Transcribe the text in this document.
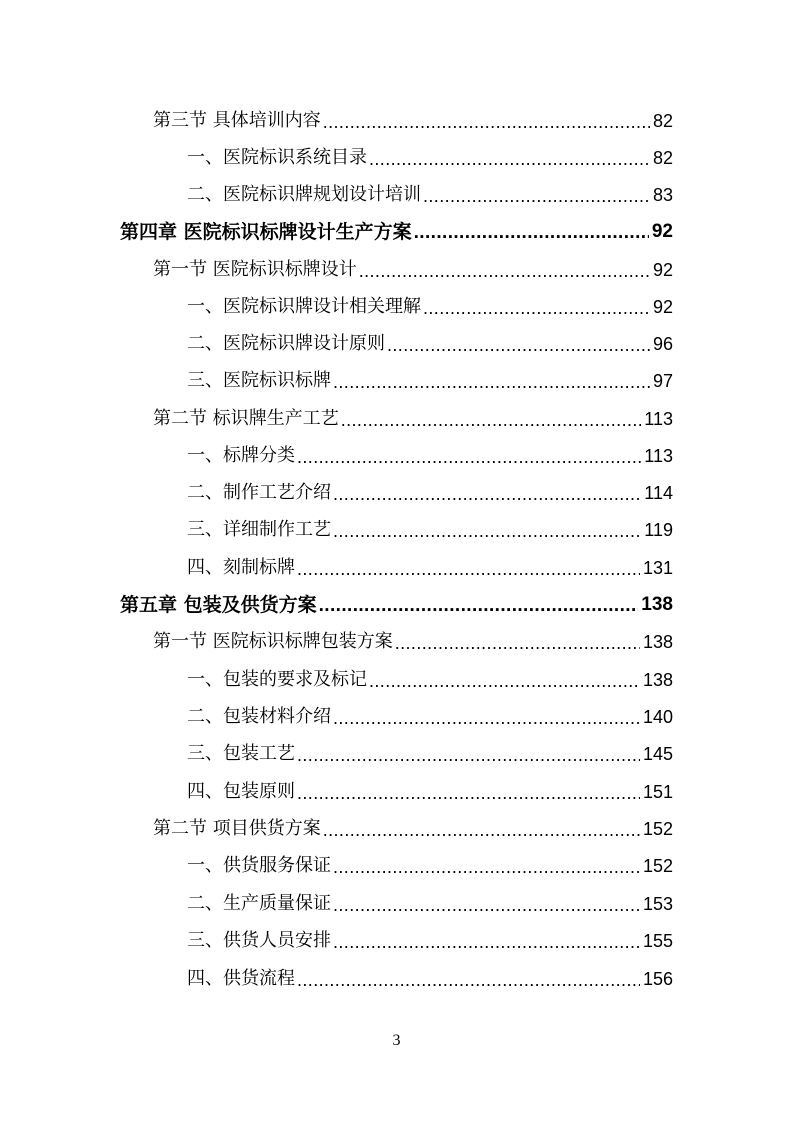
第三节 具体培训内容 .....	82
一、医院标识系统目录 .....	82
二、医院标识牌规划设计培训 .....	83
第四章 医院标识标牌设计生产方案 .....	92
第一节 医院标识标牌设计 .....	92
一、医院标识牌设计相关理解 .....	92
二、医院标识牌设计原则 .....	96
三、医院标识标牌 .....	97
第二节 标识牌生产工艺 .....	113
一、标牌分类 .....	113
二、制作工艺介绍 .....	114
三、详细制作工艺 .....	119
四、刻制标牌 .....	131
第五章 包装及供货方案 .....	138
第一节 医院标识标牌包装方案 .....	138
一、包装的要求及标记 .....	138
二、包装材料介绍 .....	140
三、包装工艺 .....	145
四、包装原则 .....	151
第二节 项目供货方案 .....	152
一、供货服务保证 .....	152
二、生产质量保证 .....	153
三、供货人员安排 .....	155
四、供货流程 .....	156
3
